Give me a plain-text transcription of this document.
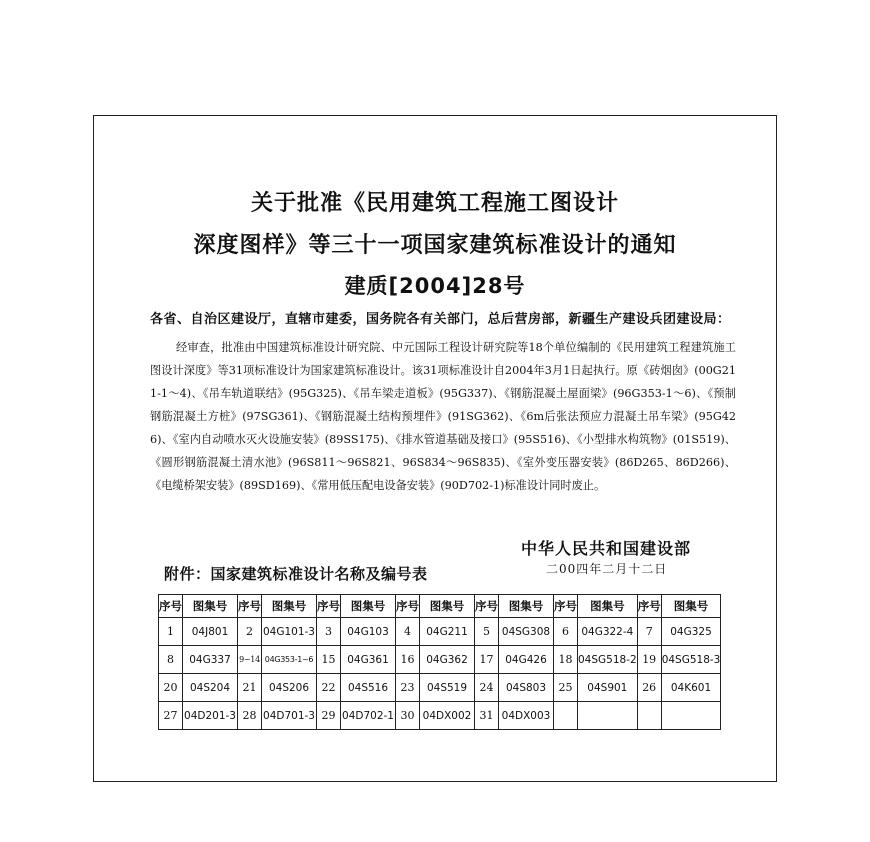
关于批准《民用建筑工程施工图设计
深度图样》等三十一项国家建筑标准设计的通知
建质[2004]28号
各省、自治区建设厅，直辖市建委，国务院各有关部门，总后营房部，新疆生产建设兵团建设局：
经审查，批准由中国建筑标准设计研究院、中元国际工程设计研究院等18个单位编制的《民用建筑工程建筑施工图设计深度》等31项标准设计为国家建筑标准设计。该31项标准设计自2004年3月1日起执行。原《砖烟囱》(00G211-1～4)、《吊车轨道联结》(95G325)、《吊车梁走道板》(95G337)、《钢筋混凝土屋面梁》(96G353-1～6)、《预制钢筋混凝土方桩》(97SG361)、《钢筋混凝土结构预埋件》(91SG362)、《6m后张法预应力混凝土吊车梁》(95G426)、《室内自动喷水灭火设施安装》(89SS175)、《排水管道基础及接口》(95S516)、《小型排水构筑物》(01S519)、《圆形钢筋混凝土清水池》(96S811～96S821、96S834～96S835)、《室外变压器安装》(86D265、86D266)、《电缆桥架安装》(89SD169)、《常用低压配电设备安装》(90D702-1)标准设计同时废止。
中华人民共和国建设部
附件：国家建筑标准设计名称及编号表	二00四年二月十二日
序号	图集号	序号	图集号	序号	图集号	序号	图集号	序号	图集号	序号	图集号	序号	图集号
1	04J801	2	04G101-3	3	04G103	4	04G211	5	04SG308	6	04G322-4	7	04G325
8	04G337	9~14	04G353-1~6	15	04G361	16	04G362	17	04G426	18	04SG518-2	19	04SG518-3
20	04S204	21	04S206	22	04S516	23	04S519	24	04S803	25	04S901	26	04K601
27	04D201-3	28	04D701-3	29	04D702-1	30	04DX002	31	04DX003				
